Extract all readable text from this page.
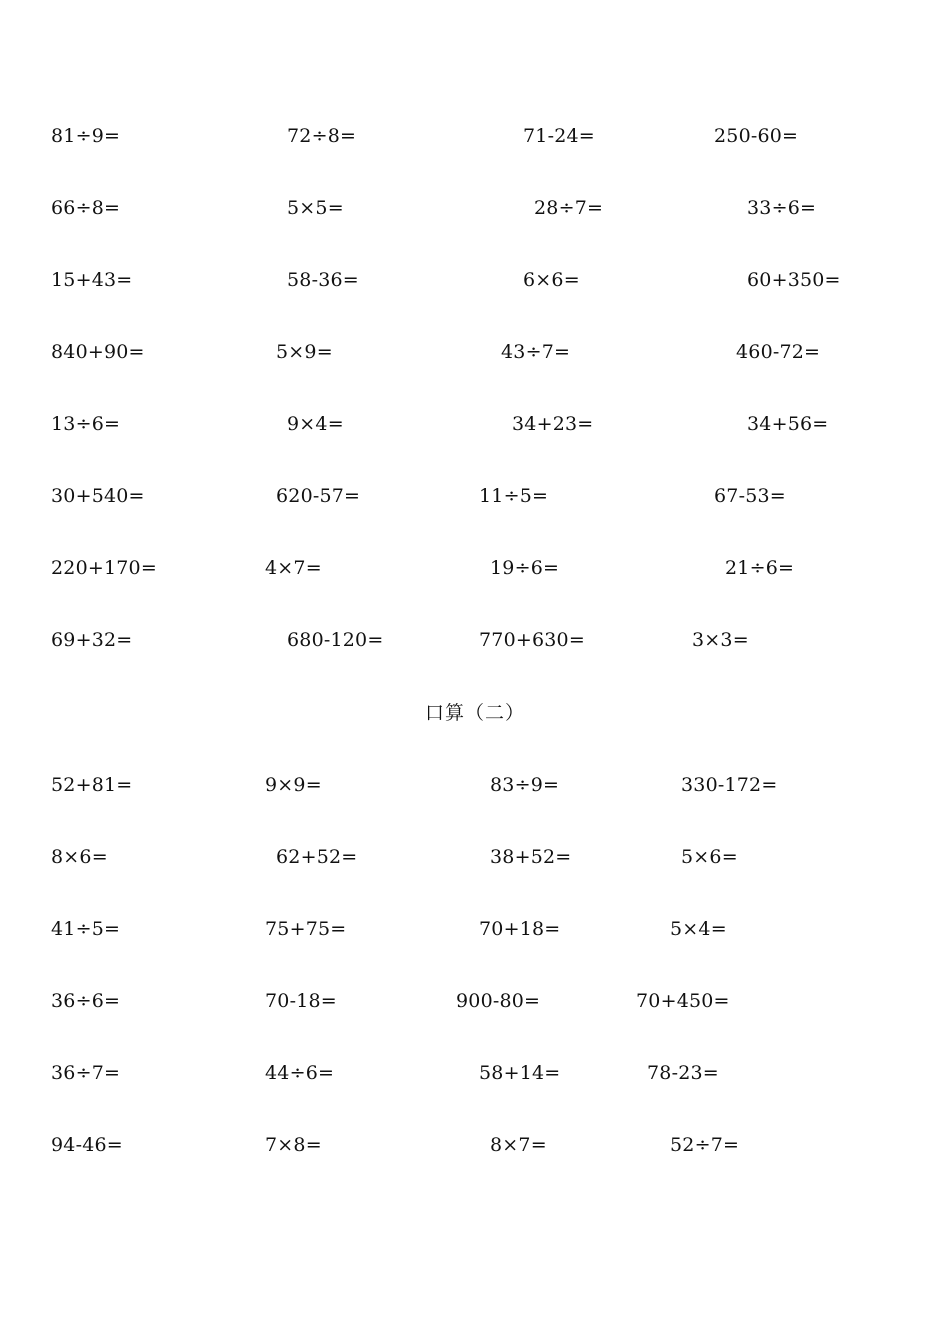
81÷9=	72÷8=	71-24=	250-60=
66÷8=	5×5=	28÷7=	33÷6=
15+43=	58-36=	6×6=	60+350=
840+90=	5×9=	43÷7=	460-72=
13÷6=	9×4=	34+23=	34+56=
30+540=	620-57=	11÷5=	67-53=
220+170=	4×7=	19÷6=	21÷6=
69+32=	680-120=	770+630=	3×3=
口算（二）
52+81=	9×9=	83÷9=	330-172=
8×6=	62+52=	38+52=	5×6=
41÷5=	75+75=	70+18=	5×4=
36÷6=	70-18=	900-80=	70+450=
36÷7=	44÷6=	58+14=	78-23=
94-46=	7×8=	8×7=	52÷7=
